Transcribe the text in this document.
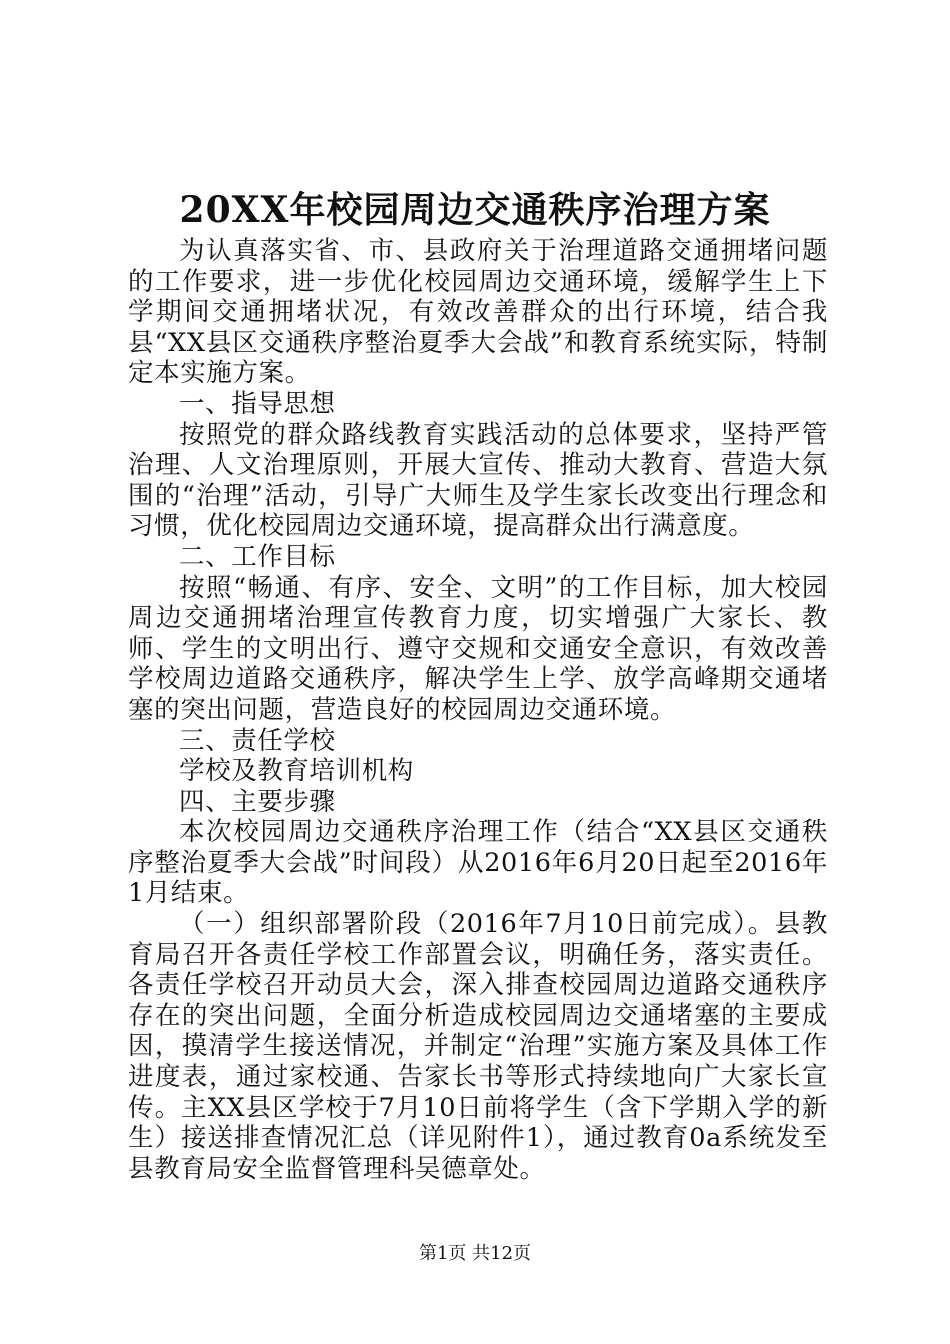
20XX年校园周边交通秩序治理方案

为认真落实省、市、县政府关于治理道路交通拥堵问题的工作要求，进一步优化校园周边交通环境，缓解学生上下学期间交通拥堵状况，有效改善群众的出行环境，结合我县“XX县区交通秩序整治夏季大会战”和教育系统实际，特制定本实施方案。

一、指导思想

按照党的群众路线教育实践活动的总体要求，坚持严管治理、人文治理原则，开展大宣传、推动大教育、营造大氛围的“治理”活动，引导广大师生及学生家长改变出行理念和习惯，优化校园周边交通环境，提高群众出行满意度。

二、工作目标

按照“畅通、有序、安全、文明”的工作目标，加大校园周边交通拥堵治理宣传教育力度，切实增强广大家长、教师、学生的文明出行、遵守交规和交通安全意识，有效改善学校周边道路交通秩序，解决学生上学、放学高峰期交通堵塞的突出问题，营造良好的校园周边交通环境。

三、责任学校

学校及教育培训机构

四、主要步骤

本次校园周边交通秩序治理工作（结合“XX县区交通秩序整治夏季大会战”时间段）从2016年6月20日起至2016年1月结束。

（一）组织部署阶段（2016年7月10日前完成）。县教育局召开各责任学校工作部置会议，明确任务，落实责任。各责任学校召开动员大会，深入排查校园周边道路交通秩序存在的突出问题，全面分析造成校园周边交通堵塞的主要成因，摸清学生接送情况，并制定“治理”实施方案及具体工作进度表，通过家校通、告家长书等形式持续地向广大家长宣传。主XX县区学校于7月10日前将学生（含下学期入学的新生）接送排查情况汇总（详见附件1），通过教育0a系统发至县教育局安全监督管理科吴德章处。

第1页 共12页
